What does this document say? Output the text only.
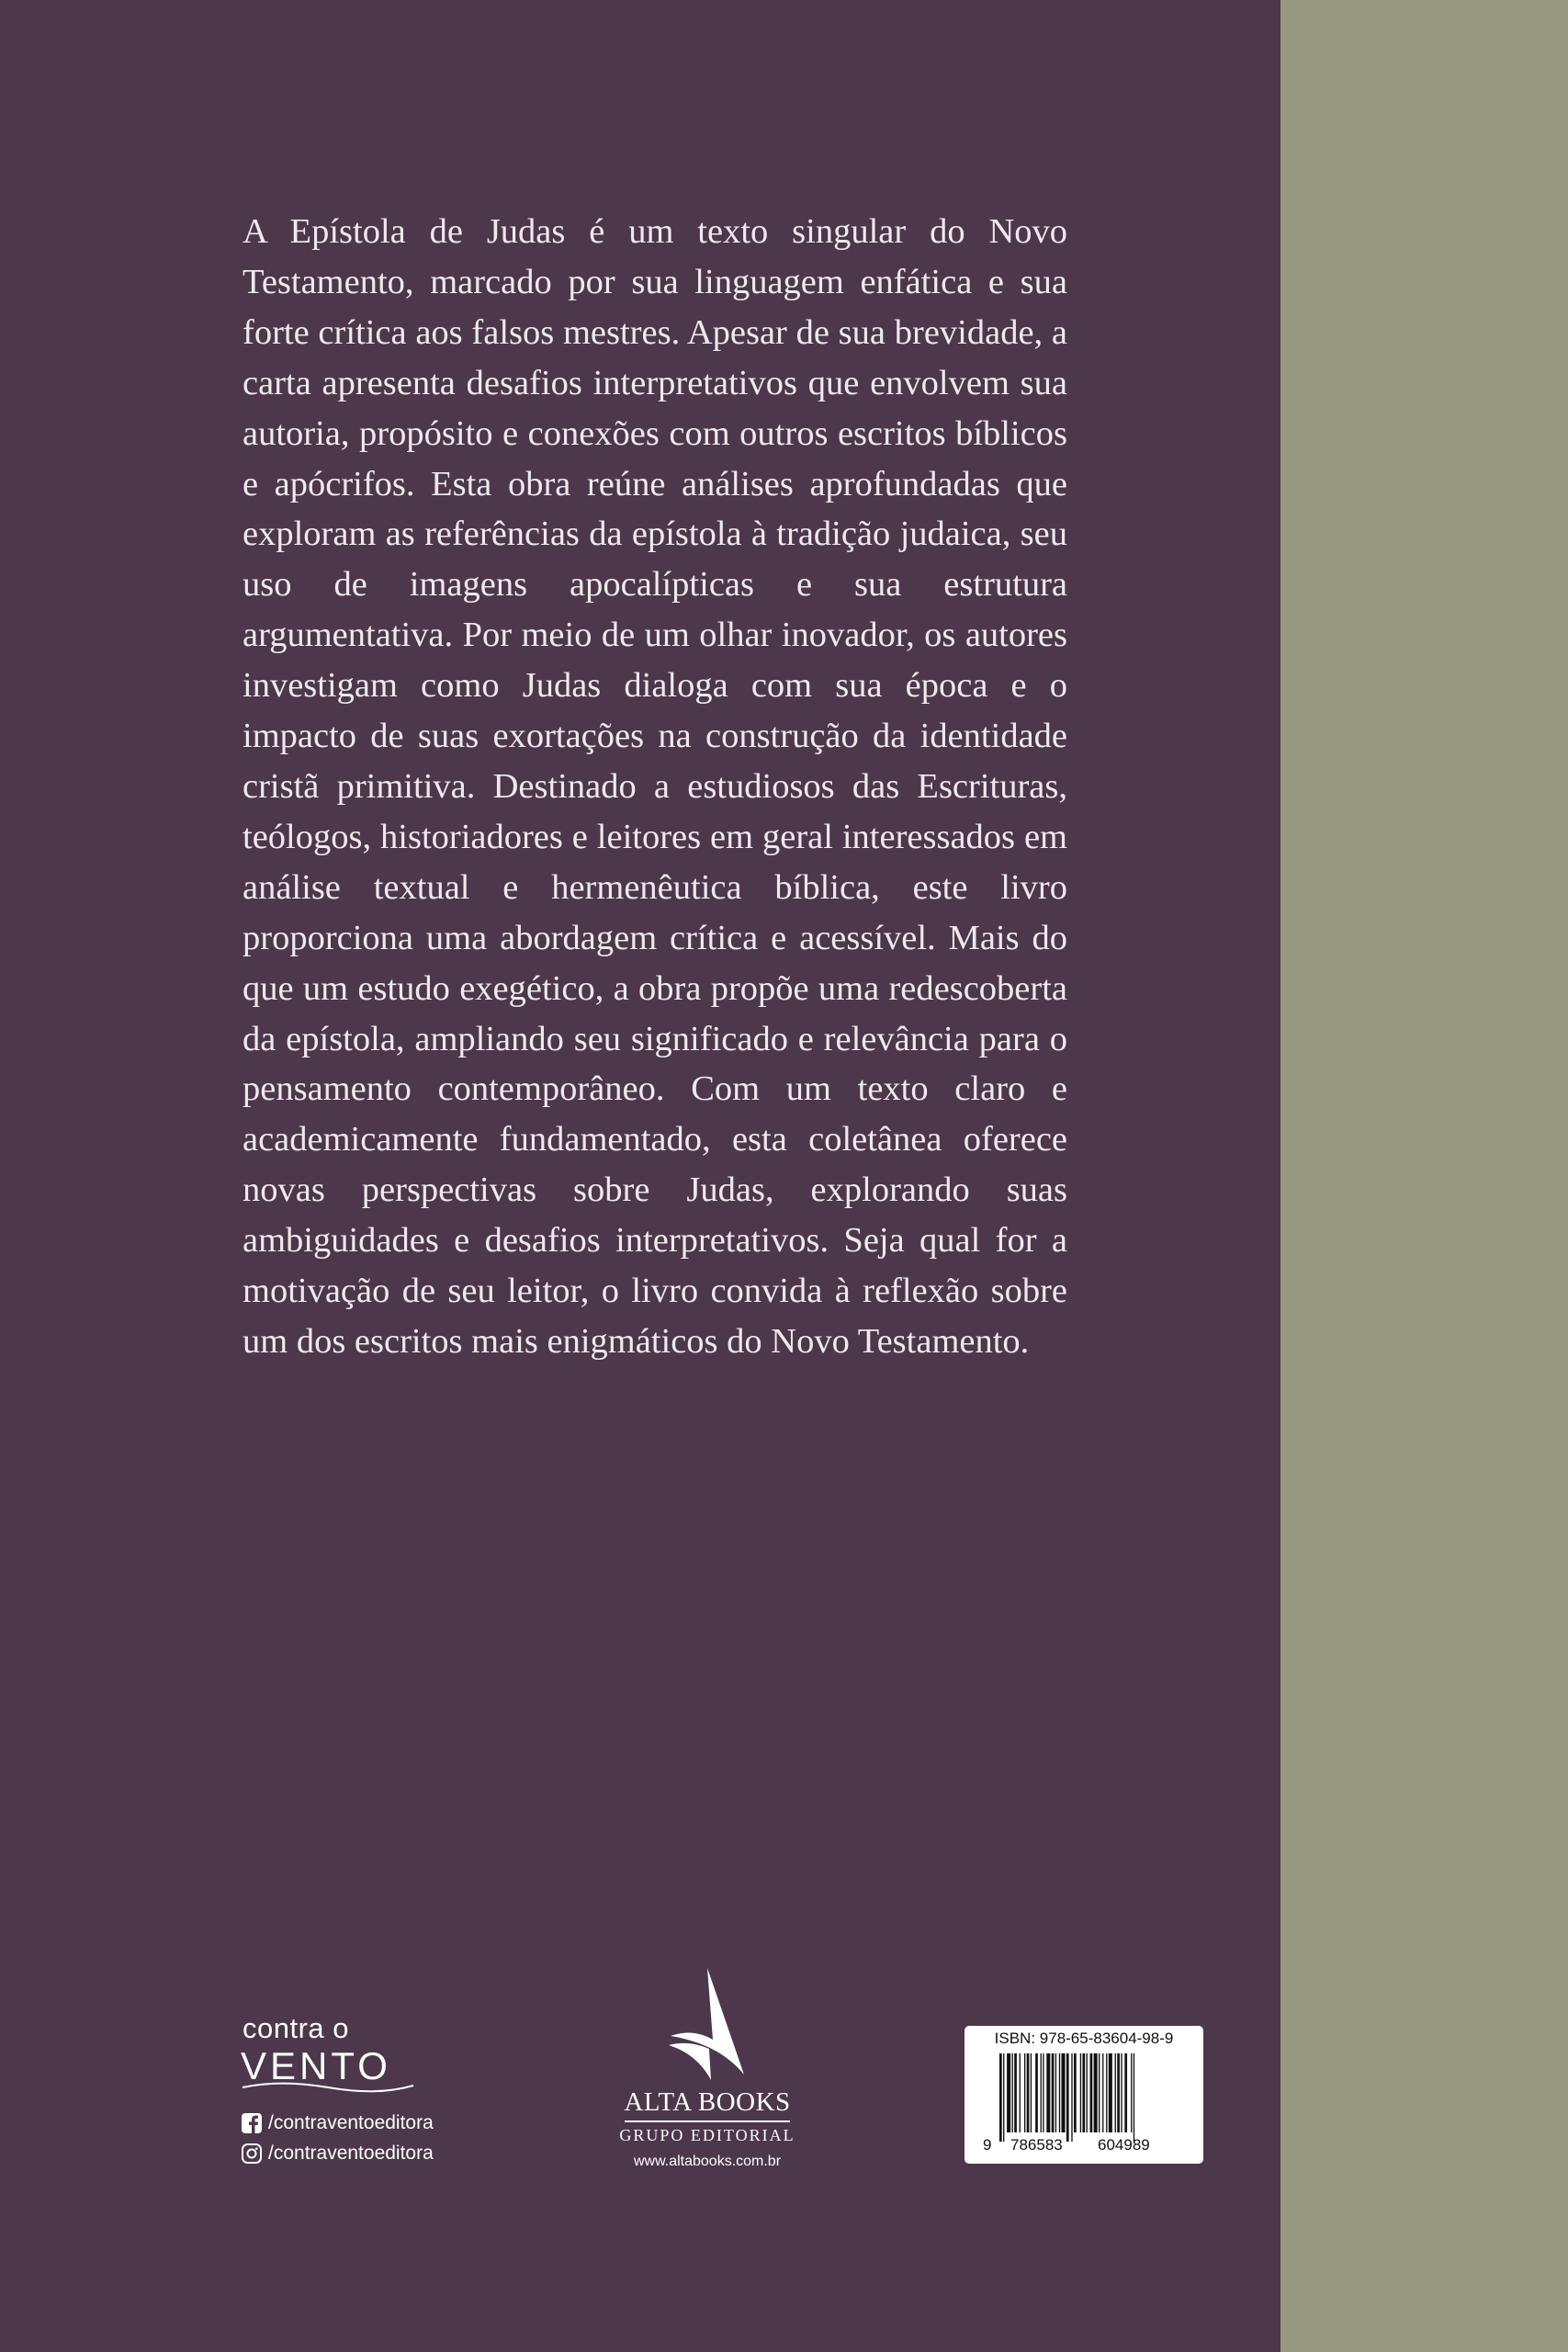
A Epístola de Judas é um texto singular do Novo Testamento, marcado por sua linguagem enfática e sua forte crítica aos falsos mestres. Apesar de sua brevidade, a carta apresenta desafios interpretativos que envolvem sua autoria, propósito e conexões com outros escritos bíblicos e apócrifos. Esta obra reúne análises aprofundadas que exploram as referências da epístola à tradição judaica, seu uso de imagens apocalípticas e sua estrutura argumentativa. Por meio de um olhar inovador, os autores investigam como Judas dialoga com sua época e o impacto de suas exortações na construção da identidade cristã primitiva. Destinado a estudiosos das Escrituras, teólogos, historiadores e leitores em geral interessados em análise textual e hermenêutica bíblica, este livro proporciona uma abordagem crítica e acessível. Mais do que um estudo exegético, a obra propõe uma redescoberta da epístola, ampliando seu significado e relevância para o pensamento contemporâneo. Com um texto claro e academicamente fundamentado, esta coletânea oferece novas perspectivas sobre Judas, explorando suas ambiguidades e desafios interpretativos. Seja qual for a motivação de seu leitor, o livro convida à reflexão sobre um dos escritos mais enigmáticos do Novo Testamento.

contra o
VENTO
/contraventoeditora
/contraventoeditora
ALTA BOOKS
GRUPO EDITORIAL
www.altabooks.com.br
ISBN: 978-65-83604-98-9
9 786583 604989
